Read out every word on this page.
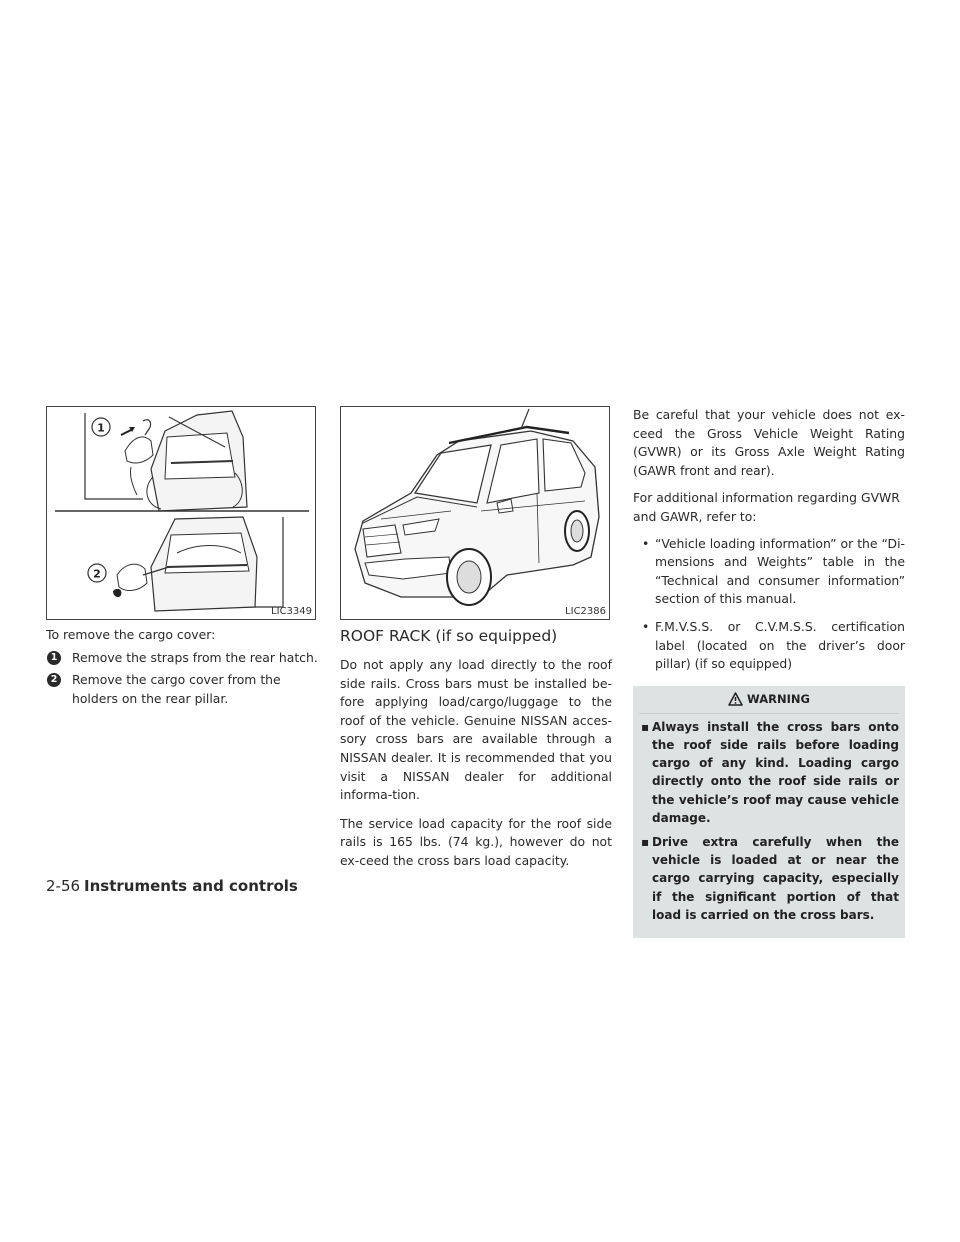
1
2
LIC3349

To remove the cargo cover:

1 Remove the straps from the rear hatch.
2 Remove the cargo cover from the holders on the rear pillar.
LIC2386
ROOF RACK (if so equipped)

Do not apply any load directly to the roof side rails. Cross bars must be installed be-fore applying load/cargo/luggage to the roof of the vehicle. Genuine NISSAN acces-sory cross bars are available through a NISSAN dealer. It is recommended that you visit a NISSAN dealer for additional informa-tion.

The service load capacity for the roof side rails is 165 lbs. (74 kg.), however do not ex-ceed the cross bars load capacity.

Be careful that your vehicle does not ex-ceed the Gross Vehicle Weight Rating (GVWR) or its Gross Axle Weight Rating (GAWR front and rear).

For additional information regarding GVWR and GAWR, refer to:

• “Vehicle loading information” or the “Di-mensions and Weights” table in the “Technical and consumer information” section of this manual.
• F.M.V.S.S. or C.V.M.S.S. certification label (located on the driver’s door pillar) (if so equipped)
WARNING
▪ Always install the cross bars onto the roof side rails before loading cargo of any kind. Loading cargo directly onto the roof side rails or the vehicle’s roof may cause vehicle damage.
▪ Drive extra carefully when the vehicle is loaded at or near the cargo carrying capacity, especially if the significant portion of that load is carried on the cross bars.
2-56 Instruments and controls
